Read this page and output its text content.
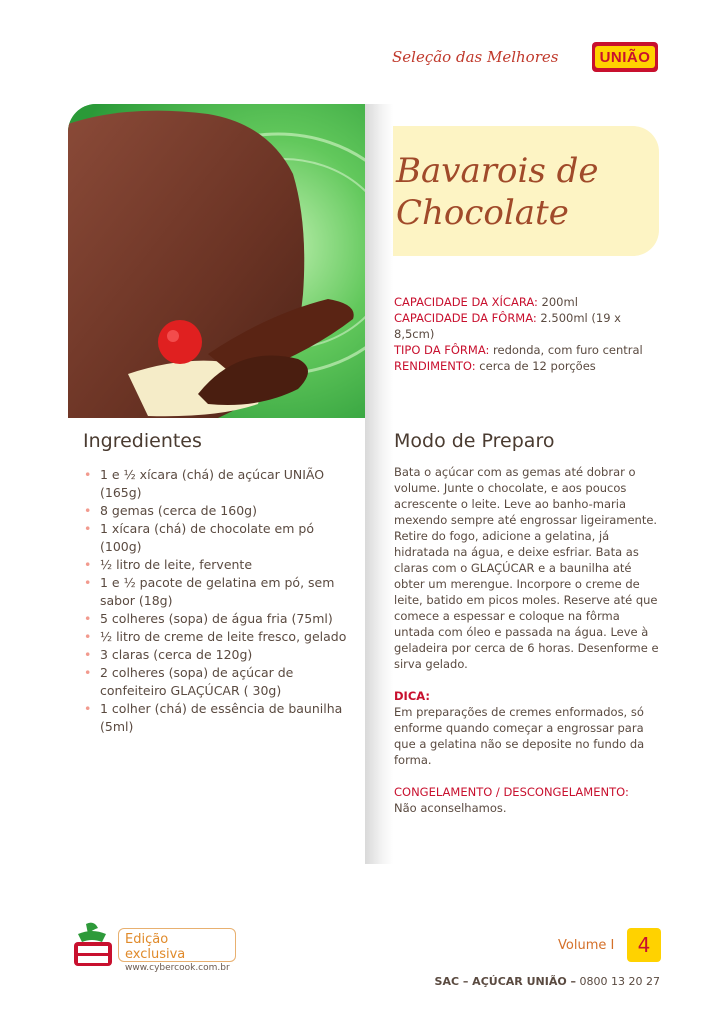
Seleção das Melhores	UNIÃO
Bavarois de
Chocolate
CAPACIDADE DA XÍCARA: 200ml
CAPACIDADE DA FÔRMA: 2.500ml (19 x 8,5cm)
TIPO DA FÔRMA: redonda, com furo central
RENDIMENTO: cerca de 12 porções
Ingredientes
• 1 e ½ xícara (chá) de açúcar UNIÃO (165g)
• 8 gemas (cerca de 160g)
• 1 xícara (chá) de chocolate em pó (100g)
• ½ litro de leite, fervente
• 1 e ½ pacote de gelatina em pó, sem sabor (18g)
• 5 colheres (sopa) de água fria (75ml)
• ½ litro de creme de leite fresco, gelado
• 3 claras (cerca de 120g)
• 2 colheres (sopa) de açúcar de confeiteiro GLAÇÚCAR ( 30g)
• 1 colher (chá) de essência de baunilha (5ml)
Modo de Preparo

Bata o açúcar com as gemas até dobrar o volume. Junte o chocolate, e aos poucos acrescente o leite. Leve ao banho-maria mexendo sempre até engrossar ligeiramente. Retire do fogo, adicione a gelatina, já hidratada na água, e deixe esfriar. Bata as claras com o GLAÇÚCAR e a baunilha até obter um merengue. Incorpore o creme de leite, batido em picos moles. Reserve até que comece a espessar e coloque na fôrma untada com óleo e passada na água. Leve à geladeira por cerca de 6 horas. Desenforme e sirva gelado.

DICA:

Em preparações de cremes enformados, só enforme quando começar a engrossar para que a gelatina não se deposite no fundo da forma.

CONGELAMENTO / DESCONGELAMENTO:
Não aconselhamos.
Edição exclusiva
www.cybercook.com.br
Volume I	4
SAC – AÇÚCAR UNIÃO – 0800 13 20 27
